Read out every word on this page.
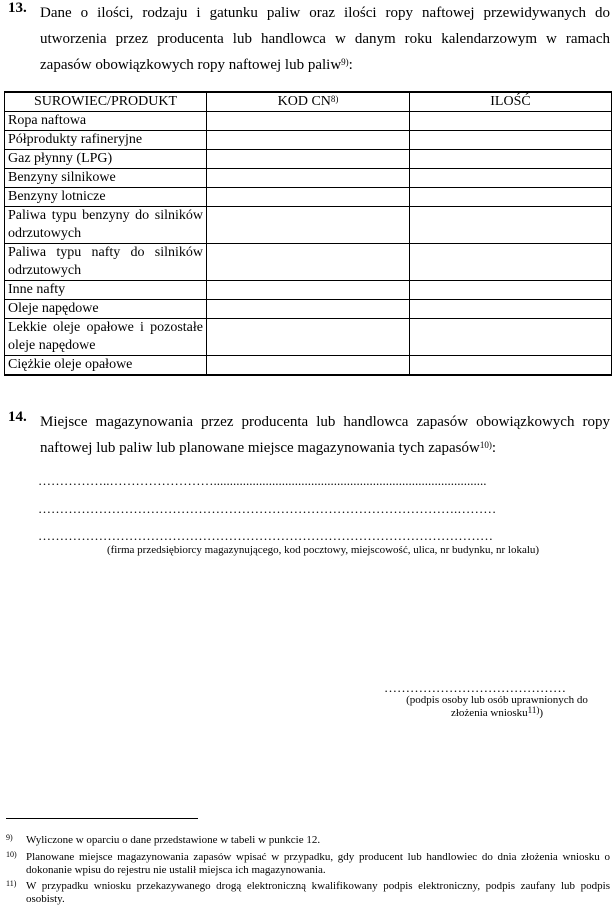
13. Dane o ilości, rodzaju i gatunku paliw oraz ilości ropy naftowej przewidywanych do utworzenia przez producenta lub handlowca w danym roku kalendarzowym w ramach zapasów obowiązkowych ropy naftowej lub paliw$^{9)}$:
SUROWIEC/PRODUKT	KOD CN$^{8)}$	ILOŚĆ
Ropa naftowa		
Półprodukty rafineryjne		
Gaz płynny (LPG)		
Benzyny silnikowe		
Benzyny lotnicze		
Paliwa typu benzyny do silników odrzutowych		
Paliwa typu nafty do silników odrzutowych		
Inne nafty		
Oleje napędowe		
Lekkie oleje opałowe i pozostałe oleje napędowe		
Ciężkie oleje opałowe		
14. Miejsce magazynowania przez producenta lub handlowca zapasów obowiązkowych ropy naftowej lub paliw lub planowane miejsce magazynowania tych zapasów$^{10)}$:
……………..……………………....................................................................................
…………………………………………………………………………………….………
……………………………………………………………………………………………
(firma przedsiębiorcy magazynującego, kod pocztowy, miejscowość, ulica, nr budynku, nr lokalu)
……………………………………
(podpis osoby lub osób uprawnionych do
złożenia wniosku$^{11)}$)
9) Wyliczone w oparciu o dane przedstawione w tabeli w punkcie 12.
10) Planowane miejsce magazynowania zapasów wpisać w przypadku, gdy producent lub handlowiec do dnia złożenia wniosku o dokonanie wpisu do rejestru nie ustalił miejsca ich magazynowania.
11) W przypadku wniosku przekazywanego drogą elektroniczną kwalifikowany podpis elektroniczny, podpis zaufany lub podpis osobisty.
